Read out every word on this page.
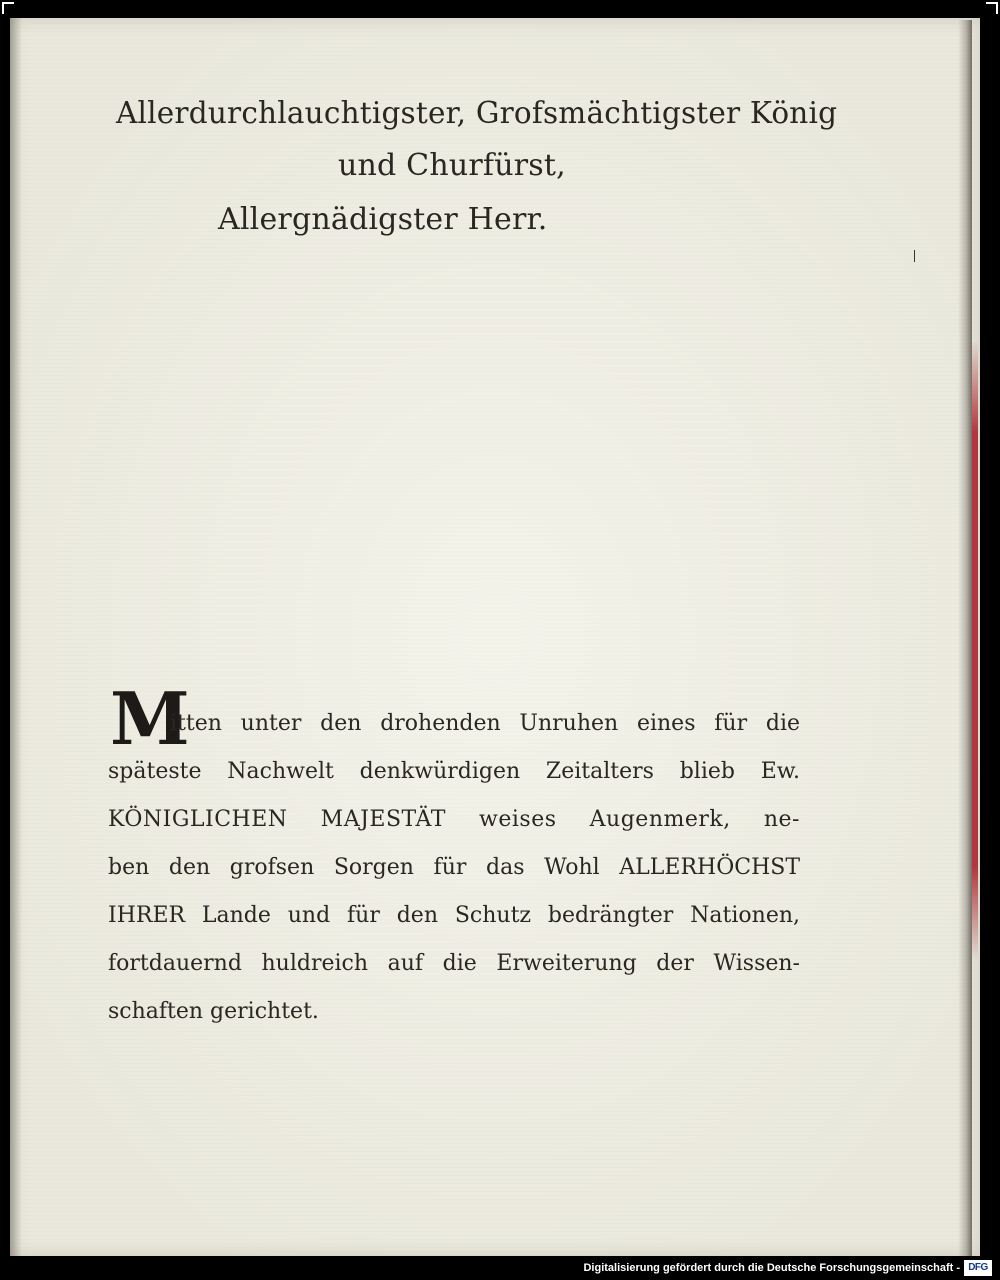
Allerdurchlauchtigster, Grofsmächtigster König
und Churfürst,
Allergnädigster Herr.
M
itten unter den drohenden Unruhen eines für die
späteste Nachwelt denkwürdigen Zeitalters blieb Ew.
KÖNIGLICHEN MAJESTÄT weises Augenmerk, ne-
ben den grofsen Sorgen für das Wohl ALLERHÖCHST
IHRER Lande und für den Schutz bedrängter Nationen,
fortdauernd huldreich auf die Erweiterung der Wissen-
schaften gerichtet.
Digitalisierung gefördert durch die Deutsche Forschungsgemeinschaft - DFG
